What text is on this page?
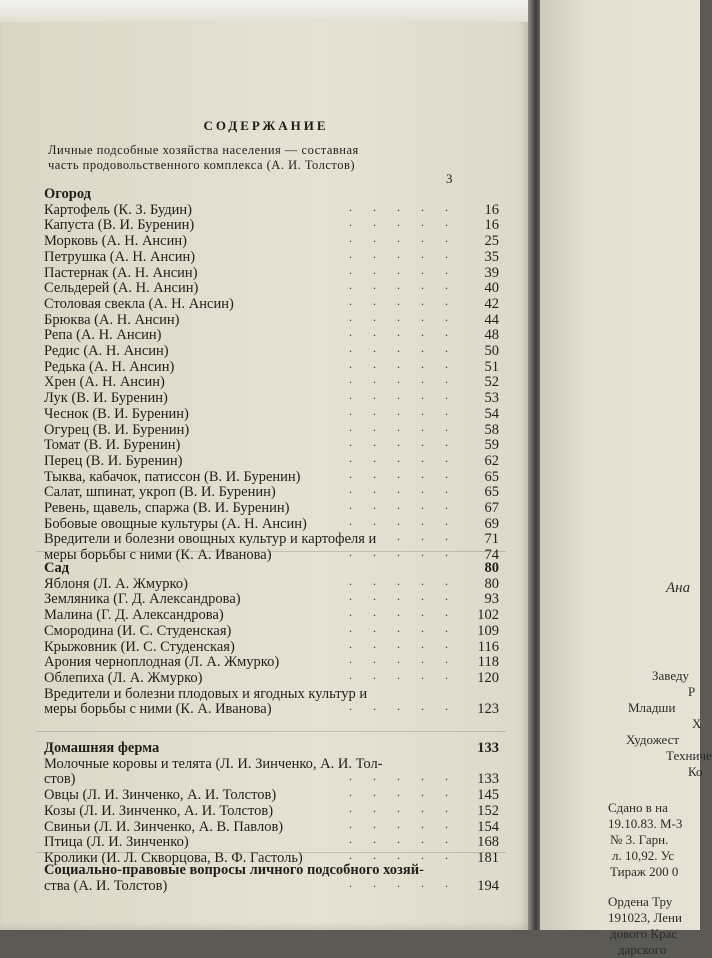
Ана
Заведу
Р
Младши
Х
Художест
Техниче
Ко
Сдано в на
19.10.83. М-3
№ 3. Гарн.
л. 10,92. Ус
Тираж 200 0
Ордена Тру
191023, Лени
дового Крас
дарского
СОДЕРЖАНИЕ
Личные подсобные хозяйства населения — составная
часть продовольственного комплекса (А. И. Толстов)
3
Огород
Картофель (К. З. Будин)	. . . . .	16
Капуста (В. И. Буренин)	. . . . .	16
Морковь (А. Н. Ансин)	. . . . .	25
Петрушка (А. Н. Ансин)	. . . . .	35
Пастернак (А. Н. Ансин)	. . . . .	39
Сельдерей (А. Н. Ансин)	. . . . .	40
Столовая свекла (А. Н. Ансин)	. . . . .	42
Брюква (А. Н. Ансин)	. . . . .	44
Репа (А. Н. Ансин)	. . . . .	48
Редис (А. Н. Ансин)	. . . . .	50
Редька (А. Н. Ансин)	. . . . .	51
Хрен (А. Н. Ансин)	. . . . .	52
Лук (В. И. Буренин)	. . . . .	53
Чеснок (В. И. Буренин)	. . . . .	54
Огурец (В. И. Буренин)	. . . . .	58
Томат (В. И. Буренин)	. . . . .	59
Перец (В. И. Буренин)	. . . . .	62
Тыква, кабачок, патиссон (В. И. Буренин)	. . . . .	65
Салат, шпинат, укроп (В. И. Буренин)	. . . . .	65
Ревень, щавель, спаржа (В. И. Буренин)	. . . . .	67
Бобовые овощные культуры (А. Н. Ансин)	. . . . .	69
Вредители и болезни овощных культур и картофеля и
. . . . .	71
меры борьбы с ними (К. А. Иванова)	. . . . .	74
Сад	80
Яблоня (Л. А. Жмурко)	. . . . .	80
Земляника (Г. Д. Александрова)	. . . . .	93
Малина (Г. Д. Александрова)	. . . . .	102
Смородина (И. С. Студенская)	. . . . .	109
Крыжовник (И. С. Студенская)	. . . . .	116
Арония черноплодная (Л. А. Жмурко)	. . . . .	118
Облепиха (Л. А. Жмурко)	. . . . .	120
Вредители и болезни плодовых и ягодных культур и
меры борьбы с ними (К. А. Иванова)	. . . . .	123
Домашняя ферма	133
Молочные коровы и телята (Л. И. Зинченко, А. И. Тол-
стов)	. . . . .	133
Овцы (Л. И. Зинченко, А. И. Толстов)	. . . . .	145
Козы (Л. И. Зинченко, А. И. Толстов)	. . . . .	152
Свиньи (Л. И. Зинченко, А. В. Павлов)	. . . . .	154
Птица (Л. И. Зинченко)	. . . . .	168
Кролики (И. Л. Скворцова, В. Ф. Гастоль)	. . . . .	181
Социально-правовые вопросы личного подсобного хозяй-
ства (А. И. Толстов)	. . . . .	194
